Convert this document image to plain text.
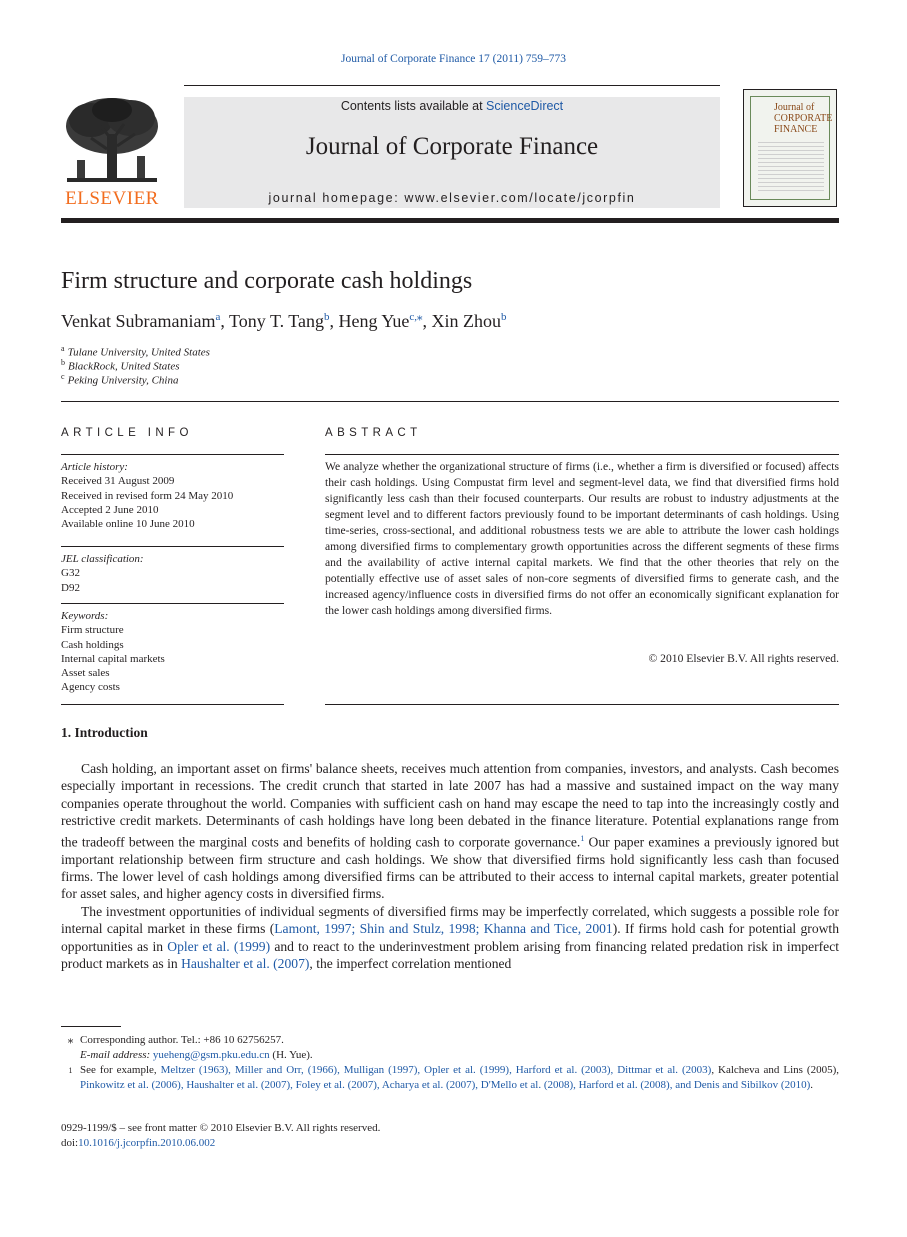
Journal of Corporate Finance 17 (2011) 759–773
ELSEVIER
Contents lists available at ScienceDirect
Journal of Corporate Finance
journal homepage: www.elsevier.com/locate/jcorpfin
Journal of
CORPORATE
FINANCE
Firm structure and corporate cash holdings
Venkat Subramaniam$^a$, Tony T. Tang$^b$, Heng Yue$^{c,⁎}$, Xin Zhou$^b$
$^a$ Tulane University, United States
$^b$ BlackRock, United States
$^c$ Peking University, China
ARTICLE INFO
Article history:
Received 31 August 2009
Received in revised form 24 May 2010
Accepted 2 June 2010
Available online 10 June 2010
JEL classification:
G32
D92
Keywords:
Firm structure
Cash holdings
Internal capital markets
Asset sales
Agency costs
ABSTRACT
We analyze whether the organizational structure of firms (i.e., whether a firm is diversified or focused) affects their cash holdings. Using Compustat firm level and segment-level data, we find that diversified firms hold significantly less cash than their focused counterparts. Our results are robust to industry adjustments at the segment level and to different factors previously found to be important determinants of cash holdings. Using time-series, cross-sectional, and additional robustness tests we are able to attribute the lower cash holdings among diversified firms to complementary growth opportunities across the different segments of these firms and the availability of active internal capital markets. We find that the other theories that rely on the potentially effective use of asset sales of non-core segments of diversified firms to generate cash, and the increased agency/influence costs in diversified firms do not offer an economically significant explanation for the lower cash holdings among diversified firms.
© 2010 Elsevier B.V. All rights reserved.
1. Introduction

Cash holding, an important asset on firms' balance sheets, receives much attention from companies, investors, and analysts. Cash becomes especially important in recessions. The credit crunch that started in late 2007 has had a massive and sustained impact on the way many companies operate throughout the world. Companies with sufficient cash on hand may escape the need to tap into the increasingly costly and restrictive credit markets. Determinants of cash holdings have long been debated in the finance literature. Potential explanations range from the tradeoff between the marginal costs and benefits of holding cash to corporate governance.$^1$ Our paper examines a previously ignored but important relationship between firm structure and cash holdings. We show that diversified firms hold significantly less cash than focused firms. The lower level of cash holdings among diversified firms can be attributed to their access to internal capital markets, greater potential for asset sales, and higher agency costs in diversified firms.

The investment opportunities of individual segments of diversified firms may be imperfectly correlated, which suggests a possible role for internal capital market in these firms (Lamont, 1997; Shin and Stulz, 1998; Khanna and Tice, 2001). If firms hold cash for potential growth opportunities as in Opler et al. (1999) and to react to the underinvestment problem arising from financing related predation risk in imperfect product markets as in Haushalter et al. (2007), the imperfect correlation mentioned

⁎ Corresponding author. Tel.: +86 10 62756257.
E-mail address: yueheng@gsm.pku.edu.cn (H. Yue).
1 See for example, Meltzer (1963), Miller and Orr, (1966), Mulligan (1997), Opler et al. (1999), Harford et al. (2003), Dittmar et al. (2003), Kalcheva and Lins (2005), Pinkowitz et al. (2006), Haushalter et al. (2007), Foley et al. (2007), Acharya et al. (2007), D'Mello et al. (2008), Harford et al. (2008), and Denis and Sibilkov (2010).
0929-1199/$ – see front matter © 2010 Elsevier B.V. All rights reserved.
doi:10.1016/j.jcorpfin.2010.06.002
